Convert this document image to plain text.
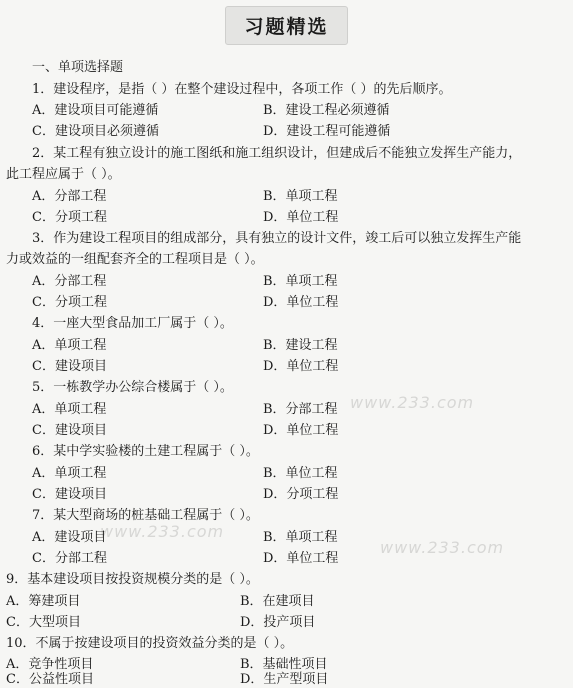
习题精选
www.233.com
www.233.com
www.233.com
一、单项选择题
1．建设程序，是指（ ）在整个建设过程中，各项工作（ ）的先后顺序。
A．建设项目可能遵循	B．建设工程必须遵循
C．建设项目必须遵循	D．建设工程可能遵循
2．某工程有独立设计的施工图纸和施工组织设计，但建成后不能独立发挥生产能力，
此工程应属于（ ）。
A．分部工程	B．单项工程
C．分项工程	D．单位工程
3．作为建设工程项目的组成部分，具有独立的设计文件，竣工后可以独立发挥生产能
力或效益的一组配套齐全的工程项目是（ ）。
A．分部工程	B．单项工程
C．分项工程	D．单位工程
4．一座大型食品加工厂属于（ ）。
A．单项工程	B．建设工程
C．建设项目	D．单位工程
5．一栋教学办公综合楼属于（ ）。
A．单项工程	B．分部工程
C．建设项目	D．单位工程
6．某中学实验楼的土建工程属于（ ）。
A．单项工程	B．单位工程
C．建设项目	D．分项工程
7．某大型商场的桩基础工程属于（ ）。
A．建设项目	B．单项工程
C．分部工程	D．单位工程
9．基本建设项目按投资规模分类的是（ ）。
A．筹建项目	B．在建项目
C．大型项目	D．投产项目
10．不属于按建设项目的投资效益分类的是（ ）。
A．竞争性项目	B．基础性项目
C．公益性项目	D．生产型项目
